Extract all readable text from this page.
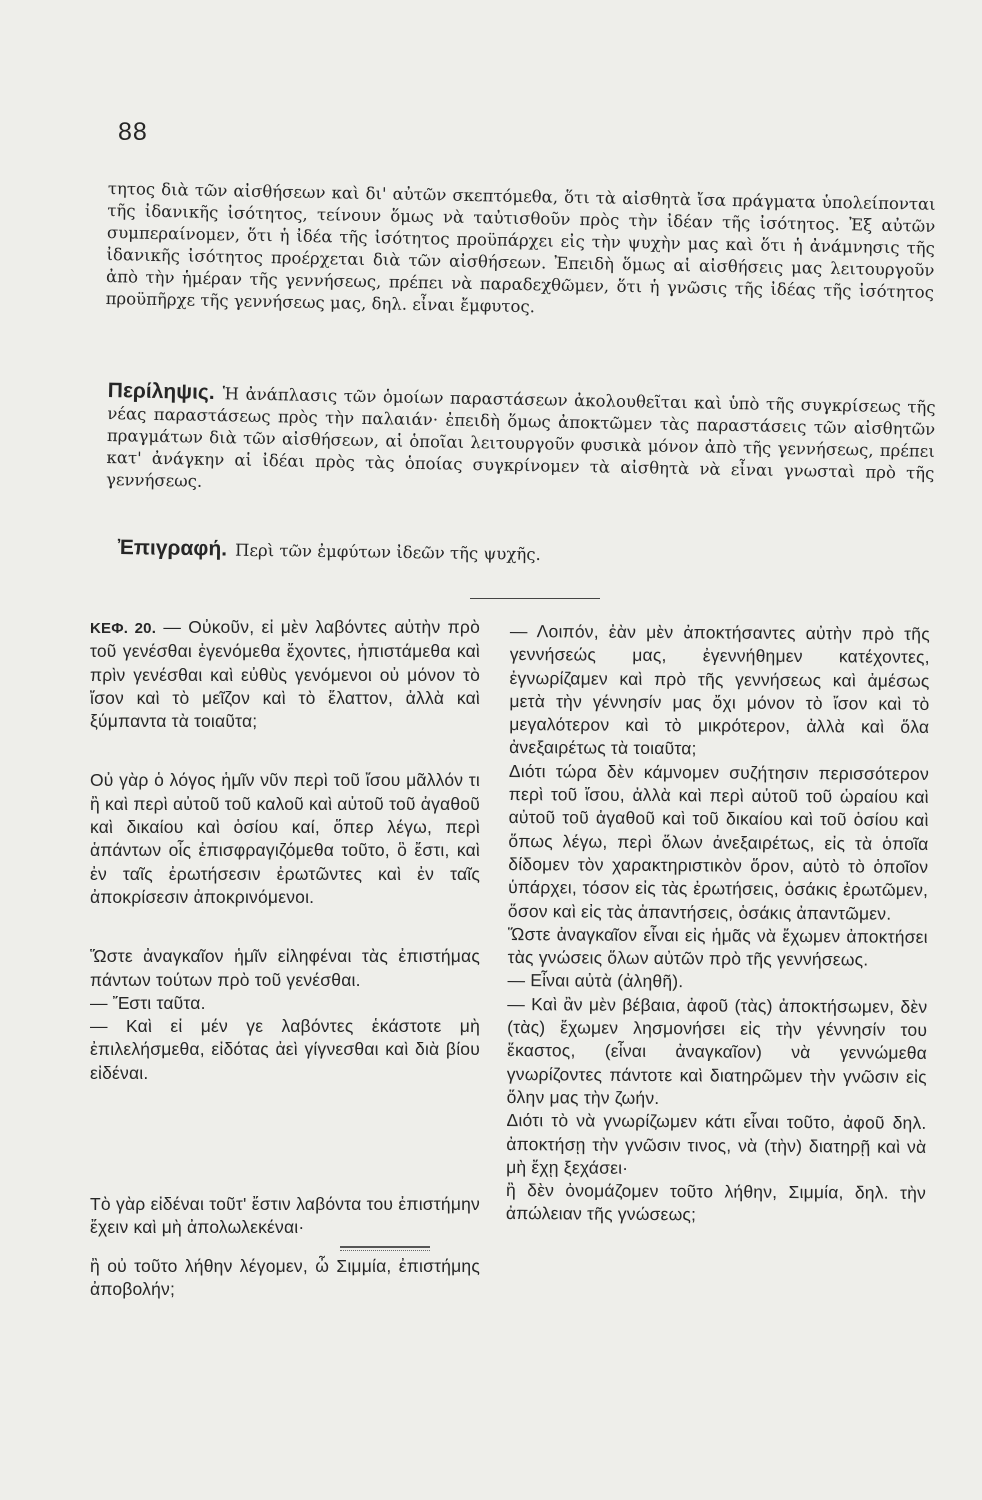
88
τητος διὰ τῶν αἰσθήσεων καὶ δι' αὐτῶν σκεπτόμεθα, ὅτι τὰ αἰσθητὰ ἴσα πράγματα ὑπολείπονται τῆς ἰδανικῆς ἰσότητος, τείνουν ὅμως νὰ ταὐτισθοῦν πρὸς τὴν ἰδέαν τῆς ἰσότητος. Ἐξ αὐτῶν συμπεραίνομεν, ὅτι ἡ ἰδέα τῆς ἰσότητος προϋπάρχει εἰς τὴν ψυχὴν μας καὶ ὅτι ἡ ἀνάμνησις τῆς ἰδανικῆς ἰσότητος προέρχεται διὰ τῶν αἰσθήσεων. Ἐπειδὴ ὅμως αἱ αἰσθήσεις μας λειτουργοῦν ἀπὸ τὴν ἡμέραν τῆς γεννήσεως, πρέπει νὰ παραδεχθῶμεν, ὅτι ἡ γνῶσις τῆς ἰδέας τῆς ἰσότητος προϋπῆρχε τῆς γεννήσεως μας, δηλ. εἶναι ἔμφυτος.
Περίληψις. Ἡ ἀνάπλασις τῶν ὁμοίων παραστάσεων ἀκολουθεῖται καὶ ὑπὸ τῆς συγκρίσεως τῆς νέας παραστάσεως πρὸς τὴν παλαιάν· ἐπειδὴ ὅμως ἀποκτῶμεν τὰς παραστάσεις τῶν αἰσθητῶν πραγμάτων διὰ τῶν αἰσθήσεων, αἱ ὁποῖαι λειτουργοῦν φυσικὰ μόνον ἀπὸ τῆς γεννήσεως, πρέπει κατ' ἀνάγκην αἱ ἰδέαι πρὸς τὰς ὁποίας συγκρίνομεν τὰ αἰσθητὰ νὰ εἶναι γνωσταὶ πρὸ τῆς γεννήσεως.
Ἐπιγραφή. Περὶ τῶν ἐμφύτων ἰδεῶν τῆς ψυχῆς.

ΚΕΦ. 20. — Οὐκοῦν, εἰ μὲν λαβόντες αὐτὴν πρὸ τοῦ γενέσθαι ἐγενόμεθα ἔχοντες, ἠπιστάμεθα καὶ πρὶν γενέσθαι καὶ εὐθὺς γενόμενοι οὐ μόνον τὸ ἴσον καὶ τὸ μεῖζον καὶ τὸ ἔλαττον, ἀλλὰ καὶ ξύμπαντα τὰ τοιαῦτα;

Οὐ γὰρ ὁ λόγος ἡμῖν νῦν περὶ τοῦ ἴσου μᾶλλόν τι ἢ καὶ περὶ αὐτοῦ τοῦ καλοῦ καὶ αὐτοῦ τοῦ ἀγαθοῦ καὶ δικαίου καὶ ὁσίου καί, ὅπερ λέγω, περὶ ἁπάντων οἷς ἐπισφραγιζόμεθα τοῦτο, ὃ ἔστι, καὶ ἐν ταῖς ἐρωτήσεσιν ἐρωτῶντες καὶ ἐν ταῖς ἀποκρίσεσιν ἀποκρινόμενοι.

Ὥστε ἀναγκαῖον ἡμῖν εἰληφέναι τὰς ἐπιστήμας πάντων τούτων πρὸ τοῦ γενέσθαι.

— Ἔστι ταῦτα.

— Καὶ εἰ μέν γε λαβόντες ἑκάστοτε μὴ ἐπιλελήσμεθα, εἰδότας ἀεὶ γίγνεσθαι καὶ διὰ βίου εἰδέναι.

Τὸ γὰρ εἰδέναι τοῦτ' ἔστιν λαβόντα του ἐπιστήμην ἔχειν καὶ μὴ ἀπολωλεκέναι·

ἢ οὐ τοῦτο λήθην λέγομεν, ὦ Σιμμία, ἐπιστήμης ἀποβολήν;

— Λοιπόν, ἐὰν μὲν ἀποκτήσαντες αὐτὴν πρὸ τῆς γεννήσεώς μας, ἐγεννήθημεν κατέχοντες, ἐγνωρίζαμεν καὶ πρὸ τῆς γεννήσεως καὶ ἀμέσως μετὰ τὴν γέννησίν μας ὄχι μόνον τὸ ἴσον καὶ τὸ μεγαλότερον καὶ τὸ μικρότερον, ἀλλὰ καὶ ὅλα ἀνεξαιρέτως τὰ τοιαῦτα;

Διότι τώρα δὲν κάμνομεν συζήτησιν περισσότερον περὶ τοῦ ἴσου, ἀλλὰ καὶ περὶ αὐτοῦ τοῦ ὡραίου καὶ αὐτοῦ τοῦ ἀγαθοῦ καὶ τοῦ δικαίου καὶ τοῦ ὁσίου καὶ ὅπως λέγω, περὶ ὅλων ἀνεξαιρέτως, εἰς τὰ ὁποῖα δίδομεν τὸν χαρακτηριστικὸν ὅρον, αὐτὸ τὸ ὁποῖον ὑπάρχει, τόσον εἰς τὰς ἐρωτήσεις, ὁσάκις ἐρωτῶμεν, ὅσον καὶ εἰς τὰς ἀπαντήσεις, ὁσάκις ἀπαντῶμεν.

Ὥστε ἀναγκαῖον εἶναι εἰς ἡμᾶς νὰ ἔχωμεν ἀποκτήσει τὰς γνώσεις ὅλων αὐτῶν πρὸ τῆς γεννήσεως.

— Εἶναι αὐτὰ (ἀληθῆ).

— Καὶ ἂν μὲν βέβαια, ἀφοῦ (τὰς) ἀποκτήσωμεν, δὲν (τὰς) ἔχωμεν λησμονήσει εἰς τὴν γέννησίν του ἕκαστος, (εἶναι ἀναγκαῖον) νὰ γεννώμεθα γνωρίζοντες πάντοτε καὶ διατηρῶμεν τὴν γνῶσιν εἰς ὅλην μας τὴν ζωήν.

Διότι τὸ νὰ γνωρίζωμεν κάτι εἶναι τοῦτο, ἀφοῦ δηλ. ἀποκτήσῃ τὴν γνῶσιν τινος, νὰ (τὴν) διατηρῇ καὶ νὰ μὴ ἔχῃ ξεχάσει·

ἢ δὲν ὀνομάζομεν τοῦτο λήθην, Σιμμία, δηλ. τὴν ἀπώλειαν τῆς γνώσεως;
